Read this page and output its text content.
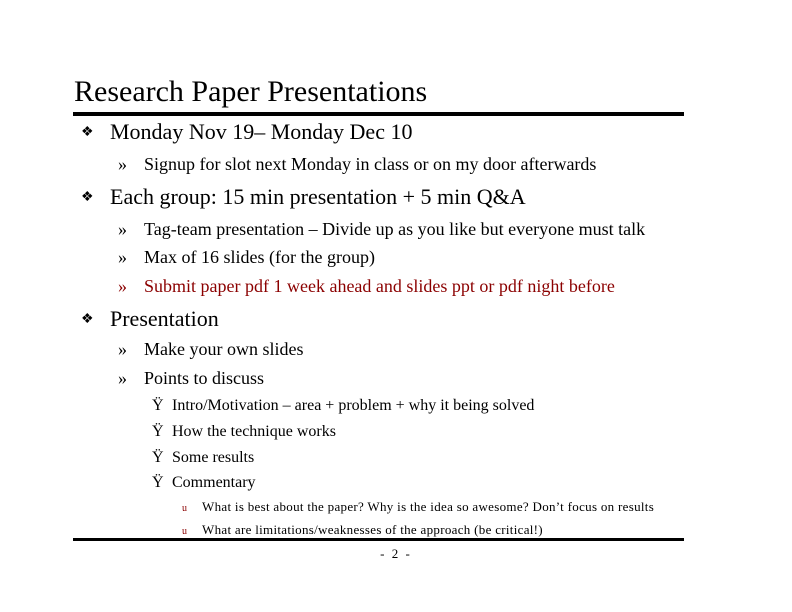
Research Paper Presentations
❖ Monday Nov 19– Monday Dec 10
» Signup for slot next Monday in class or on my door afterwards
❖ Each group: 15 min presentation + 5 min Q&A
» Tag-team presentation – Divide up as you like but everyone must talk
» Max of 16 slides (for the group)
» Submit paper pdf 1 week ahead and slides ppt or pdf night before
❖ Presentation
» Make your own slides
» Points to discuss
Ÿ Intro/Motivation – area + problem + why it being solved
Ÿ How the technique works
Ÿ Some results
Ÿ Commentary
u What is best about the paper? Why is the idea so awesome? Don’t focus on results
u What are limitations/weaknesses of the approach (be critical!)
- 2 -
